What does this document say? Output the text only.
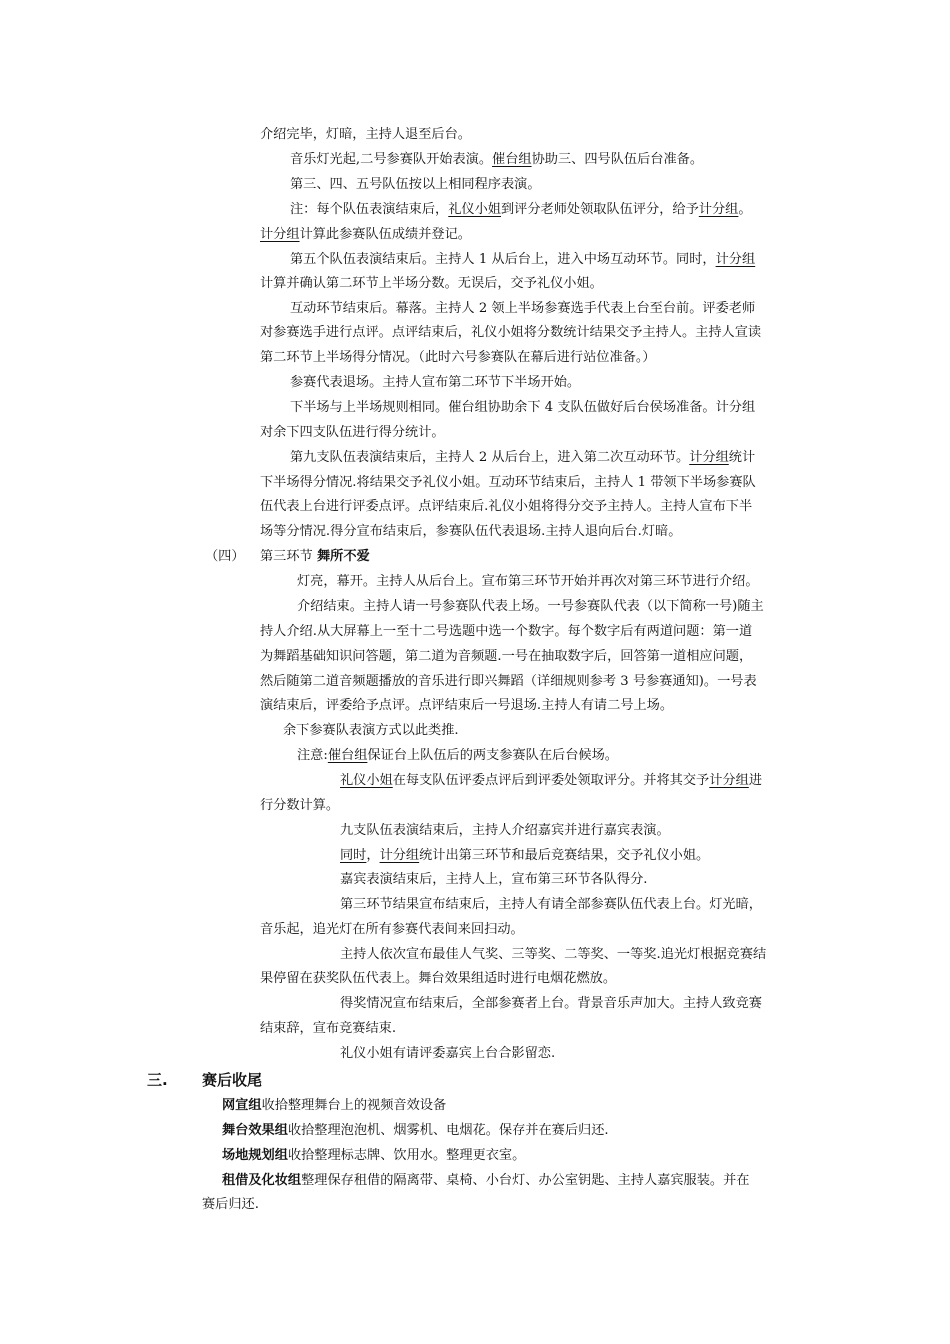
介绍完毕，灯暗，主持人退至后台。
音乐灯光起,二号参赛队开始表演。催台组协助三、四号队伍后台准备。
第三、四、五号队伍按以上相同程序表演。
注：每个队伍表演结束后，礼仪小姐到评分老师处领取队伍评分，给予计分组。
计分组计算此参赛队伍成绩并登记。
第五个队伍表演结束后。主持人 1 从后台上，进入中场互动环节。同时，计分组
计算并确认第二环节上半场分数。无误后，交予礼仪小姐。
互动环节结束后。幕落。主持人 2 领上半场参赛选手代表上台至台前。评委老师
对参赛选手进行点评。点评结束后，礼仪小姐将分数统计结果交予主持人。主持人宣读
第二环节上半场得分情况。（此时六号参赛队在幕后进行站位准备。）
参赛代表退场。主持人宣布第二环节下半场开始。
下半场与上半场规则相同。催台组协助余下 4 支队伍做好后台侯场准备。计分组
对余下四支队伍进行得分统计。
第九支队伍表演结束后，主持人 2 从后台上，进入第二次互动环节。计分组统计
下半场得分情况.将结果交予礼仪小姐。互动环节结束后，主持人 1 带领下半场参赛队
伍代表上台进行评委点评。点评结束后.礼仪小姐将得分交予主持人。主持人宣布下半
场等分情况.得分宣布结束后，参赛队伍代表退场.主持人退向后台.灯暗。
（四） 第三环节 舞所不爱
灯亮，幕开。主持人从后台上。宣布第三环节开始并再次对第三环节进行介绍。
介绍结束。主持人请一号参赛队代表上场。一号参赛队代表（以下简称一号)随主
持人介绍.从大屏幕上一至十二号选题中选一个数字。每个数字后有两道问题：第一道
为舞蹈基础知识问答题，第二道为音频题.一号在抽取数字后，回答第一道相应问题，
然后随第二道音频题播放的音乐进行即兴舞蹈（详细规则参考 3 号参赛通知)。一号表
演结束后，评委给予点评。点评结束后一号退场.主持人有请二号上场。
余下参赛队表演方式以此类推.
注意:催台组保证台上队伍后的两支参赛队在后台候场。
礼仪小姐在每支队伍评委点评后到评委处领取评分。并将其交予计分组进
行分数计算。
九支队伍表演结束后，主持人介绍嘉宾并进行嘉宾表演。
同时，计分组统计出第三环节和最后竞赛结果，交予礼仪小姐。
嘉宾表演结束后，主持人上，宣布第三环节各队得分.
第三环节结果宣布结束后，主持人有请全部参赛队伍代表上台。灯光暗，
音乐起，追光灯在所有参赛代表间来回扫动。
主持人依次宣布最佳人气奖、三等奖、二等奖、一等奖.追光灯根据竞赛结
果停留在获奖队伍代表上。舞台效果组适时进行电烟花燃放。
得奖情况宣布结束后，全部参赛者上台。背景音乐声加大。主持人致竞赛
结束辞，宣布竞赛结束.
礼仪小姐有请评委嘉宾上台合影留恋.
三. 赛后收尾
网宣组收拾整理舞台上的视频音效设备
舞台效果组收拾整理泡泡机、烟雾机、电烟花。保存并在赛后归还.
场地规划组收拾整理标志牌、饮用水。整理更衣室。
租借及化妆组整理保存租借的隔离带、桌椅、小台灯、办公室钥匙、主持人嘉宾服装。并在
赛后归还.
